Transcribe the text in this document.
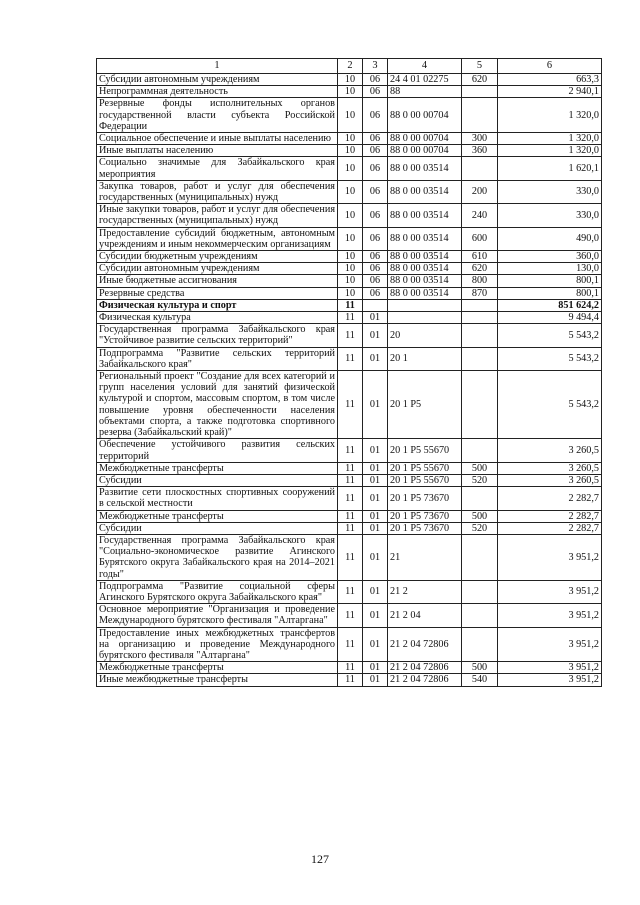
1	2	3	4	5	6
Субсидии автономным учреждениям	10	06	24 4 01 02275	620	663,3
Непрограммная деятельность	10	06	88		2 940,1
Резервные фонды исполнительных органов государственной власти субъекта Российской Федерации	10	06	88 0 00 00704		1 320,0
Социальное обеспечение и иные выплаты населению	10	06	88 0 00 00704	300	1 320,0
Иные выплаты населению	10	06	88 0 00 00704	360	1 320,0
Социально значимые для Забайкальского края мероприятия	10	06	88 0 00 03514		1 620,1
Закупка товаров, работ и услуг для обеспечения государственных (муниципальных) нужд	10	06	88 0 00 03514	200	330,0
Иные закупки товаров, работ и услуг для обеспечения государственных (муниципальных) нужд	10	06	88 0 00 03514	240	330,0
Предоставление субсидий бюджетным, автономным учреждениям и иным некоммерческим организациям	10	06	88 0 00 03514	600	490,0
Субсидии бюджетным учреждениям	10	06	88 0 00 03514	610	360,0
Субсидии автономным учреждениям	10	06	88 0 00 03514	620	130,0
Иные бюджетные ассигнования	10	06	88 0 00 03514	800	800,1
Резервные средства	10	06	88 0 00 03514	870	800,1
Физическая культура и спорт	11				851 624,2
Физическая культура	11	01			9 494,4
Государственная программа Забайкальского края "Устойчивое развитие сельских территорий"	11	01	20		5 543,2
Подпрограмма "Развитие сельских территорий Забайкальского края"	11	01	20 1		5 543,2
Региональный проект "Создание для всех категорий и групп населения условий для занятий физической культурой и спортом, массовым спортом, в том числе повышение уровня обеспеченности населения объектами спорта, а также подготовка спортивного резерва (Забайкальский край)"	11	01	20 1 P5		5 543,2
Обеспечение устойчивого развития сельских территорий	11	01	20 1 P5 55670		3 260,5
Межбюджетные трансферты	11	01	20 1 P5 55670	500	3 260,5
Субсидии	11	01	20 1 P5 55670	520	3 260,5
Развитие сети плоскостных спортивных сооружений в сельской местности	11	01	20 1 P5 73670		2 282,7
Межбюджетные трансферты	11	01	20 1 P5 73670	500	2 282,7
Субсидии	11	01	20 1 P5 73670	520	2 282,7
Государственная программа Забайкальского края "Социально-экономическое развитие Агинского Бурятского округа Забайкальского края на 2014–2021 годы"	11	01	21		3 951,2
Подпрограмма "Развитие социальной сферы Агинского Бурятского округа Забайкальского края"	11	01	21 2		3 951,2
Основное мероприятие "Организация и проведение Международного бурятского фестиваля "Алтаргана"	11	01	21 2 04		3 951,2
Предоставление иных межбюджетных трансфертов на организацию и проведение Международного бурятского фестиваля "Алтаргана"	11	01	21 2 04 72806		3 951,2
Межбюджетные трансферты	11	01	21 2 04 72806	500	3 951,2
Иные межбюджетные трансферты	11	01	21 2 04 72806	540	3 951,2
127
